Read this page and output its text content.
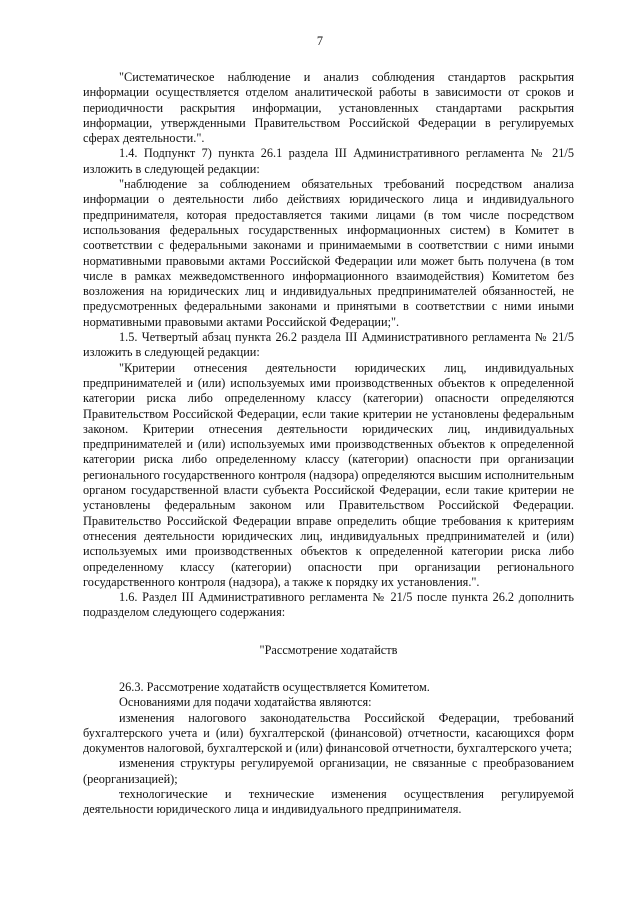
7

"Систематическое наблюдение и анализ соблюдения стандартов раскрытия информации осуществляется отделом аналитической работы в зависимости от сроков и периодичности раскрытия информации, установленных стандартами раскрытия информации, утвержденными Правительством Российской Федерации в регулируемых сферах деятельности.".

1.4. Подпункт 7) пункта 26.1 раздела III Административного регламента № 21/5 изложить в следующей редакции:

"наблюдение за соблюдением обязательных требований посредством анализа информации о деятельности либо действиях юридического лица и индивидуального предпринимателя, которая предоставляется такими лицами (в том числе посредством использования федеральных государственных информационных систем) в Комитет в соответствии с федеральными законами и принимаемыми в соответствии с ними иными нормативными правовыми актами Российской Федерации или может быть получена (в том числе в рамках межведомственного информационного взаимодействия) Комитетом без возложения на юридических лиц и индивидуальных предпринимателей обязанностей, не предусмотренных федеральными законами и принятыми в соответствии с ними иными нормативными правовыми актами Российской Федерации;".

1.5. Четвертый абзац пункта 26.2 раздела III Административного регламента № 21/5 изложить в следующей редакции:

"Критерии отнесения деятельности юридических лиц, индивидуальных предпринимателей и (или) используемых ими производственных объектов к определенной категории риска либо определенному классу (категории) опасности определяются Правительством Российской Федерации, если такие критерии не установлены федеральным законом. Критерии отнесения деятельности юридических лиц, индивидуальных предпринимателей и (или) используемых ими производственных объектов к определенной категории риска либо определенному классу (категории) опасности при организации регионального государственного контроля (надзора) определяются высшим исполнительным органом государственной власти субъекта Российской Федерации, если такие критерии не установлены федеральным законом или Правительством Российской Федерации. Правительство Российской Федерации вправе определить общие требования к критериям отнесения деятельности юридических лиц, индивидуальных предпринимателей и (или) используемых ими производственных объектов к определенной категории риска либо определенному классу (категории) опасности при организации регионального государственного контроля (надзора), а также к порядку их установления.".

1.6. Раздел III Административного регламента № 21/5 после пункта 26.2 дополнить подразделом следующего содержания:

"Рассмотрение ходатайств

26.3. Рассмотрение ходатайств осуществляется Комитетом.

Основаниями для подачи ходатайства являются:

изменения налогового законодательства Российской Федерации, требований бухгалтерского учета и (или) бухгалтерской (финансовой) отчетности, касающихся форм документов налоговой, бухгалтерской и (или) финансовой отчетности, бухгалтерского учета;

изменения структуры регулируемой организации, не связанные с преобразованием (реорганизацией);

технологические и технические изменения осуществления регулируемой деятельности юридического лица и индивидуального предпринимателя.
